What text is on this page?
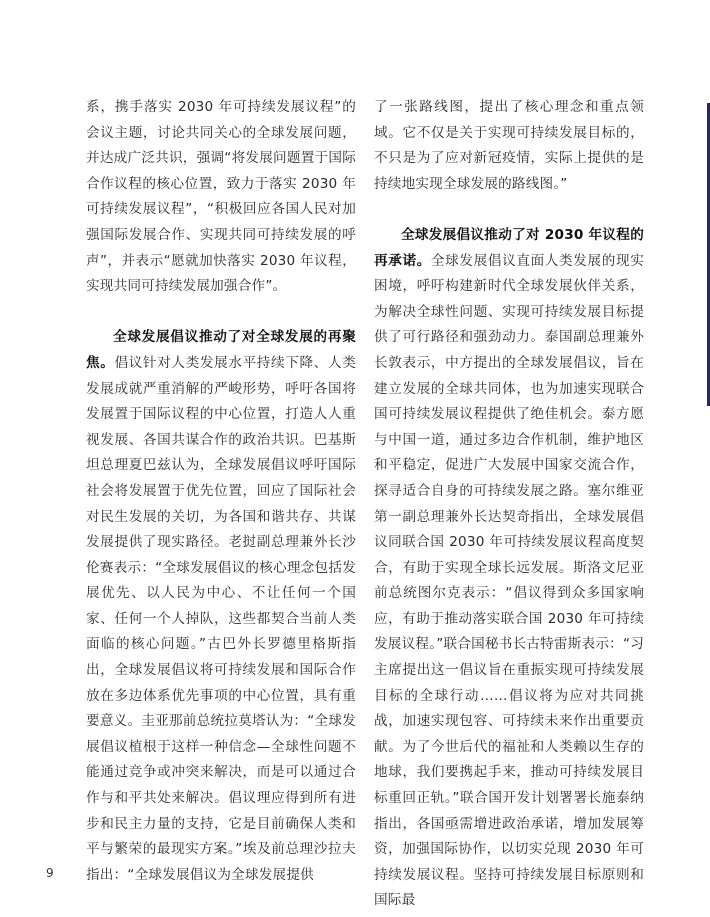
系，携手落实 2030 年可持续发展议程”的会议主题，讨论共同关心的全球发展问题，并达成广泛共识，强调“将发展问题置于国际合作议程的核心位置，致力于落实 2030 年可持续发展议程”，“积极回应各国人民对加强国际发展合作、实现共同可持续发展的呼声”，并表示“愿就加快落实 2030 年议程，实现共同可持续发展加强合作”。

全球发展倡议推动了对全球发展的再聚焦。倡议针对人类发展水平持续下降、人类发展成就严重消解的严峻形势，呼吁各国将发展置于国际议程的中心位置，打造人人重视发展、各国共谋合作的政治共识。巴基斯坦总理夏巴兹认为，全球发展倡议呼吁国际社会将发展置于优先位置，回应了国际社会对民生发展的关切，为各国和谐共存、共谋发展提供了现实路径。老挝副总理兼外长沙伦赛表示：“全球发展倡议的核心理念包括发展优先、以人民为中心、不让任何一个国家、任何一个人掉队，这些都契合当前人类面临的核心问题。”古巴外长罗德里格斯指出，全球发展倡议将可持续发展和国际合作放在多边体系优先事项的中心位置，具有重要意义。圭亚那前总统拉莫塔认为：“全球发展倡议植根于这样一种信念—全球性问题不能通过竞争或冲突来解决，而是可以通过合作与和平共处来解决。倡议理应得到所有进步和民主力量的支持，它是目前确保人类和平与繁荣的最现实方案。”埃及前总理沙拉夫指出：“全球发展倡议为全球发展提供

了一张路线图，提出了核心理念和重点领域。它不仅是关于实现可持续发展目标的，不只是为了应对新冠疫情，实际上提供的是持续地实现全球发展的路线图。”

全球发展倡议推动了对 2030 年议程的再承诺。全球发展倡议直面人类发展的现实困境，呼吁构建新时代全球发展伙伴关系，为解决全球性问题、实现可持续发展目标提供了可行路径和强劲动力。泰国副总理兼外长敦表示，中方提出的全球发展倡议，旨在建立发展的全球共同体，也为加速实现联合国可持续发展议程提供了绝佳机会。泰方愿与中国一道，通过多边合作机制，维护地区和平稳定，促进广大发展中国家交流合作，探寻适合自身的可持续发展之路。塞尔维亚第一副总理兼外长达契奇指出，全球发展倡议同联合国 2030 年可持续发展议程高度契合，有助于实现全球长远发展。斯洛文尼亚前总统图尔克表示：“倡议得到众多国家响应，有助于推动落实联合国 2030 年可持续发展议程。”联合国秘书长古特雷斯表示：“习主席提出这一倡议旨在重振实现可持续发展目标的全球行动……倡议将为应对共同挑战，加速实现包容、可持续未来作出重要贡献。为了今世后代的福祉和人类赖以生存的地球，我们要携起手来，推动可持续发展目标重回正轨。”联合国开发计划署署长施泰纳指出，各国亟需增进政治承诺，增加发展筹资，加强国际协作，以切实兑现 2030 年可持续发展议程。坚持可持续发展目标原则和国际最

9
